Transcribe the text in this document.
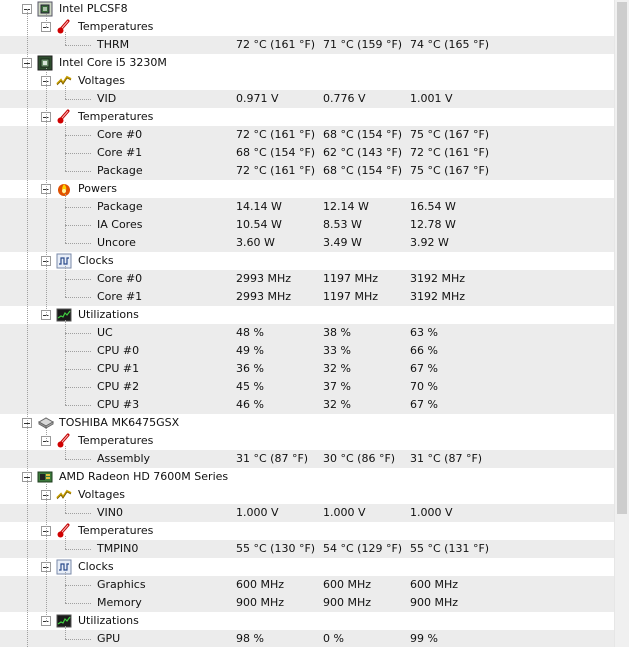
Intel PLCSF8
Temperatures
THRM	72 °C (161 °F) 71 °C (159 °F) 74 °C (165 °F)
Intel Core i5 3230M
Voltages
VID	0.971 V	0.776 V	1.001 V
Temperatures
Core #0	72 °C (161 °F) 68 °C (154 °F) 75 °C (167 °F)
Core #1	68 °C (154 °F) 62 °C (143 °F) 72 °C (161 °F)
Package	72 °C (161 °F) 68 °C (154 °F) 75 °C (167 °F)
Powers
Package	14.14 W	12.14 W	16.54 W
IA Cores	10.54 W	8.53 W	12.78 W
Uncore	3.60 W	3.49 W	3.92 W
Clocks
Core #0	2993 MHz	1197 MHz	3192 MHz
Core #1	2993 MHz	1197 MHz	3192 MHz
Utilizations
UC	48 %	38 %	63 %
CPU #0	49 %	33 %	66 %
CPU #1	36 %	32 %	67 %
CPU #2	45 %	37 %	70 %
CPU #3	46 %	32 %	67 %
TOSHIBA MK6475GSX
Temperatures
Assembly	31 °C (87 °F) 30 °C (86 °F) 31 °C (87 °F)
AMD Radeon HD 7600M Series
Voltages
VIN0	1.000 V	1.000 V	1.000 V
Temperatures
TMPIN0	55 °C (130 °F) 54 °C (129 °F) 55 °C (131 °F)
Clocks
Graphics	600 MHz	600 MHz	600 MHz
Memory	900 MHz	900 MHz	900 MHz
Utilizations
GPU	98 %	0 %	99 %
